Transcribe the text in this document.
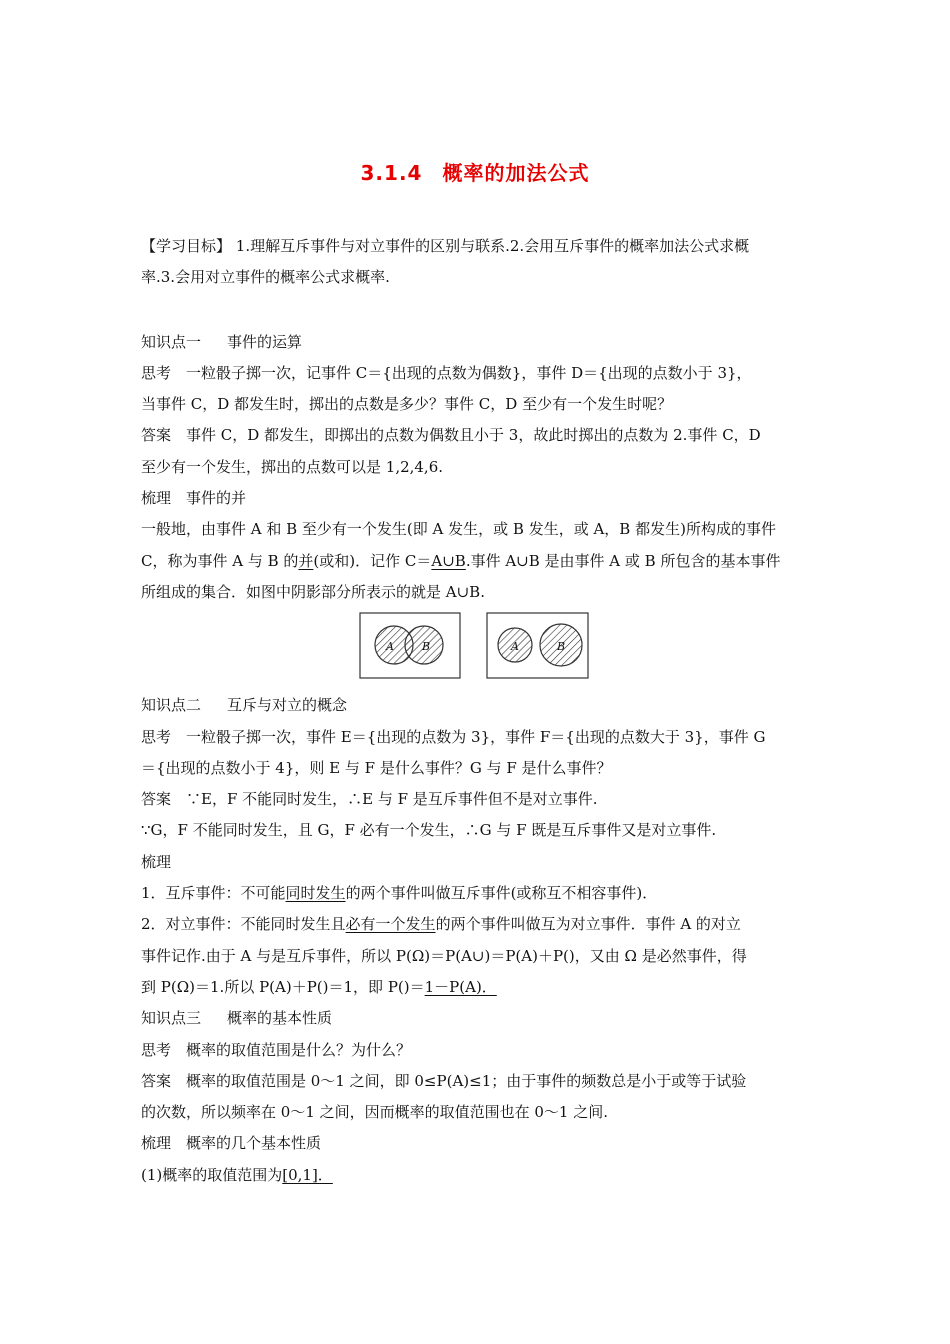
3.1.4 概率的加法公式
【学习目标】 1.理解互斥事件与对立事件的区别与联系.2.会用互斥事件的概率加法公式求概
率.3.会用对立事件的概率公式求概率.
知识点一 事件的运算
思考　一粒骰子掷一次，记事件 C＝{出现的点数为偶数}，事件 D＝{出现的点数小于 3}，
当事件 C，D 都发生时，掷出的点数是多少？事件 C，D 至少有一个发生时呢？
答案　事件 C，D 都发生，即掷出的点数为偶数且小于 3，故此时掷出的点数为 2.事件 C，D
至少有一个发生，掷出的点数可以是 1,2,4,6.
梳理　事件的并
一般地，由事件 A 和 B 至少有一个发生(即 A 发生，或 B 发生，或 A，B 都发生)所构成的事件
C，称为事件 A 与 B 的并(或和)．记作 C＝A∪B.事件 A∪B 是由事件 A 或 B 所包含的基本事件
所组成的集合．如图中阴影部分所表示的就是 A∪B.
A	B	A	B
知识点二 互斥与对立的概念
思考　一粒骰子掷一次，事件 E＝{出现的点数为 3}，事件 F＝{出现的点数大于 3}，事件 G
＝{出现的点数小于 4}，则 E 与 F 是什么事件？G 与 F 是什么事件？
答案　∵E，F 不能同时发生，∴E 与 F 是互斥事件但不是对立事件.
∵G，F 不能同时发生，且 G，F 必有一个发生，∴G 与 F 既是互斥事件又是对立事件.
梳理
1．互斥事件：不可能同时发生的两个事件叫做互斥事件(或称互不相容事件)．
2．对立事件：不能同时发生且必有一个发生的两个事件叫做互为对立事件．事件 A 的对立
事件记作.由于 A 与是互斥事件，所以 P(Ω)＝P(A∪)＝P(A)＋P()，又由 Ω 是必然事件，得
到 P(Ω)＝1.所以 P(A)＋P()＝1，即 P()＝1－P(A)．
知识点三 概率的基本性质
思考　概率的取值范围是什么？为什么？
答案　概率的取值范围是 0～1 之间，即 0≤P(A)≤1；由于事件的频数总是小于或等于试验
的次数，所以频率在 0～1 之间，因而概率的取值范围也在 0～1 之间.
梳理　概率的几个基本性质
(1)概率的取值范围为[0,1]．
